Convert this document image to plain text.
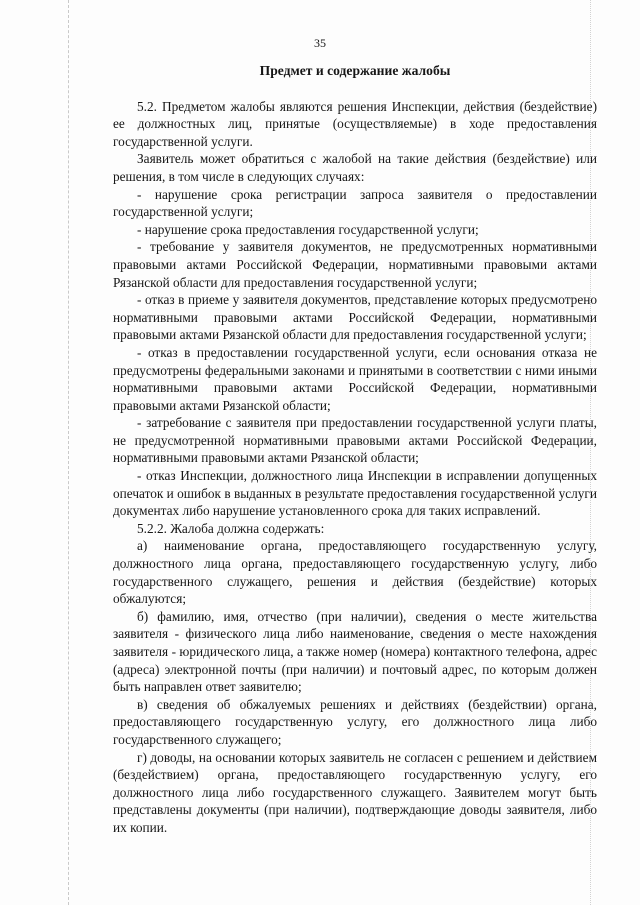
35
Предмет и содержание жалобы

5.2. Предметом жалобы являются решения Инспекции, действия (бездействие) ее должностных лиц, принятые (осуществляемые) в ходе предоставления государственной услуги.

Заявитель может обратиться с жалобой на такие действия (бездействие) или решения, в том числе в следующих случаях:

- нарушение срока регистрации запроса заявителя о предоставлении государственной услуги;

- нарушение срока предоставления государственной услуги;

- требование у заявителя документов, не предусмотренных нормативными правовыми актами Российской Федерации, нормативными правовыми актами Рязанской области для предоставления государственной услуги;

- отказ в приеме у заявителя документов, представление которых предусмотрено нормативными правовыми актами Российской Федерации, нормативными правовыми актами Рязанской области для предоставления государственной услуги;

- отказ в предоставлении государственной услуги, если основания отказа не предусмотрены федеральными законами и принятыми в соответствии с ними иными нормативными правовыми актами Российской Федерации, нормативными правовыми актами Рязанской области;

- затребование с заявителя при предоставлении государственной услуги платы, не предусмотренной нормативными правовыми актами Российской Федерации, нормативными правовыми актами Рязанской области;

- отказ Инспекции, должностного лица Инспекции в исправлении допущенных опечаток и ошибок в выданных в результате предоставления государственной услуги документах либо нарушение установленного срока для таких исправлений.

5.2.2. Жалоба должна содержать:

а) наименование органа, предоставляющего государственную услугу, должностного лица органа, предоставляющего государственную услугу, либо государственного служащего, решения и действия (бездействие) которых обжалуются;

б) фамилию, имя, отчество (при наличии), сведения о месте жительства заявителя - физического лица либо наименование, сведения о месте нахождения заявителя - юридического лица, а также номер (номера) контактного телефона, адрес (адреса) электронной почты (при наличии) и почтовый адрес, по которым должен быть направлен ответ заявителю;

в) сведения об обжалуемых решениях и действиях (бездействии) органа, предоставляющего государственную услугу, его должностного лица либо государственного служащего;

г) доводы, на основании которых заявитель не согласен с решением и действием (бездействием) органа, предоставляющего государственную услугу, его должностного лица либо государственного служащего. Заявителем могут быть представлены документы (при наличии), подтверждающие доводы заявителя, либо их копии.
